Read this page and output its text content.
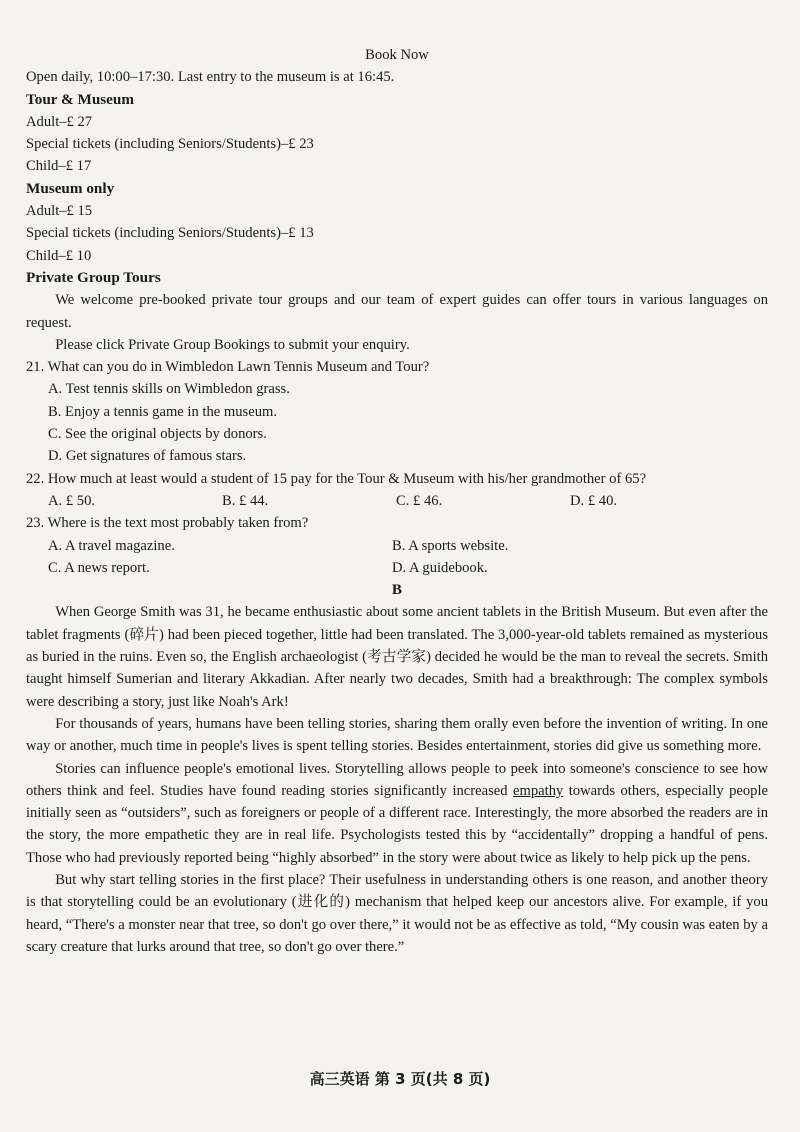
Book Now
Open daily, 10:00–17:30. Last entry to the museum is at 16:45.
Tour & Museum
Adult–£ 27
Special tickets (including Seniors/Students)–£ 23
Child–£ 17
Museum only
Adult–£ 15
Special tickets (including Seniors/Students)–£ 13
Child–£ 10
Private Group Tours

We welcome pre-booked private tour groups and our team of expert guides can offer tours in various languages on request.

Please click Private Group Bookings to submit your enquiry.

21. What can you do in Wimbledon Lawn Tennis Museum and Tour?
A. Test tennis skills on Wimbledon grass.
B. Enjoy a tennis game in the museum.
C. See the original objects by donors.
D. Get signatures of famous stars.
22. How much at least would a student of 15 pay for the Tour & Museum with his/her grandmother of 65?
A. £ 50.	B. £ 44.	C. £ 46.	D. £ 40.
23. Where is the text most probably taken from?
A. A travel magazine.	B. A sports website.
C. A news report.	D. A guidebook.
B

When George Smith was 31, he became enthusiastic about some ancient tablets in the British Museum. But even after the tablet fragments (碎片) had been pieced together, little had been translated. The 3,000-year-old tablets remained as mysterious as buried in the ruins. Even so, the English archaeologist (考古学家) decided he would be the man to reveal the secrets. Smith taught himself Sumerian and literary Akkadian. After nearly two decades, Smith had a breakthrough: The complex symbols were describing a story, just like Noah's Ark!

For thousands of years, humans have been telling stories, sharing them orally even before the invention of writing. In one way or another, much time in people's lives is spent telling stories. Besides entertainment, stories did give us something more.

Stories can influence people's emotional lives. Storytelling allows people to peek into someone's conscience to see how others think and feel. Studies have found reading stories significantly increased empathy towards others, especially people initially seen as “outsiders”, such as foreigners or people of a different race. Interestingly, the more absorbed the readers are in the story, the more empathetic they are in real life. Psychologists tested this by “accidentally” dropping a handful of pens. Those who had previously reported being “highly absorbed” in the story were about twice as likely to help pick up the pens.

But why start telling stories in the first place? Their usefulness in understanding others is one reason, and another theory is that storytelling could be an evolutionary (进化的) mechanism that helped keep our ancestors alive. For example, if you heard, “There's a monster near that tree, so don't go over there,” it would not be as effective as told, “My cousin was eaten by a scary creature that lurks around that tree, so don't go over there.”

高三英语 第 3 页(共 8 页)
